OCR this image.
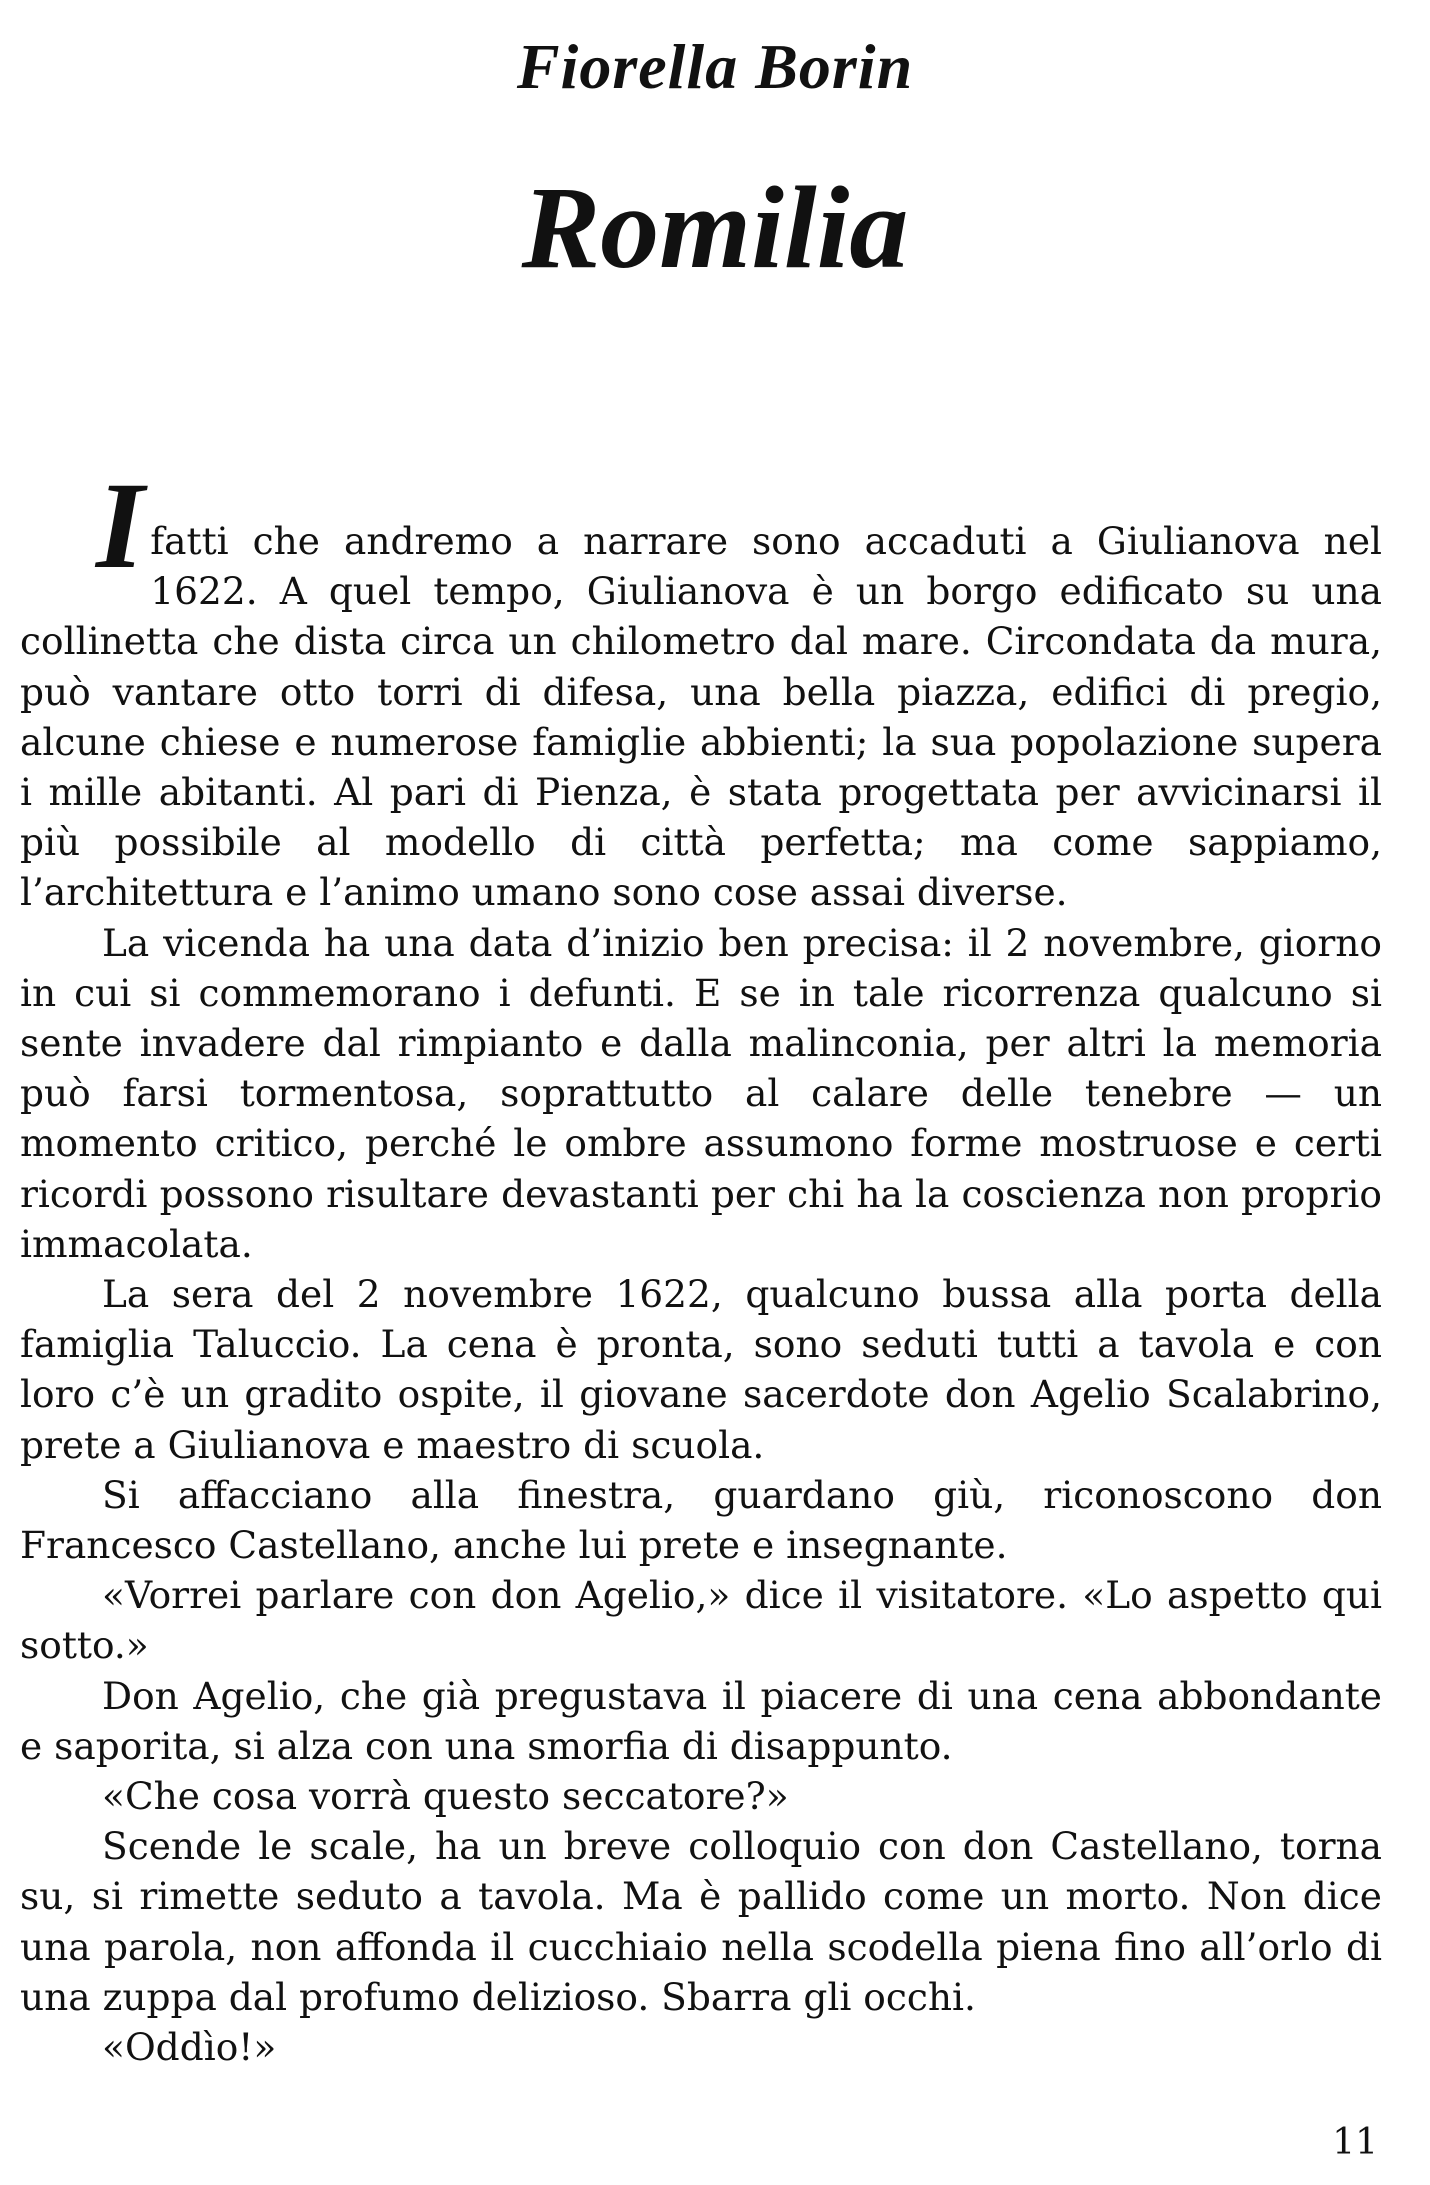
Fiorella Borin
Romilia

Ifatti che andremo a narrare sono accaduti a Giulianova nel 1622. A quel tempo, Giulianova è un borgo edificato su una collinetta che dista circa un chilometro dal mare. Circondata da mura, può vantare otto torri di difesa, una bella piazza, edifici di pregio, alcune chiese e numerose famiglie abbienti; la sua popolazione supera i mille abitanti. Al pari di Pienza, è stata progettata per avvicinarsi il più possibile al modello di città perfetta; ma come sappiamo, l’architettura e l’animo umano sono cose assai diverse.

La vicenda ha una data d’inizio ben precisa: il 2 novembre, giorno in cui si commemorano i defunti. E se in tale ricorrenza qualcuno si sente invadere dal rimpianto e dalla malinconia, per altri la memoria può farsi tormentosa, soprattutto al calare delle tenebre — un momento critico, perché le ombre assumono forme mostruose e certi ricordi possono risultare devastanti per chi ha la coscienza non proprio immacolata.

La sera del 2 novembre 1622, qualcuno bussa alla porta della famiglia Taluccio. La cena è pronta, sono seduti tutti a tavola e con loro c’è un gradito ospite, il giovane sacerdote don Agelio Scalabrino, prete a Giulianova e maestro di scuola.

Si affacciano alla finestra, guardano giù, riconoscono don Francesco Castellano, anche lui prete e insegnante.

«Vorrei parlare con don Agelio,» dice il visitatore. «Lo aspetto qui sotto.»

Don Agelio, che già pregustava il piacere di una cena abbondante e saporita, si alza con una smorfia di disappunto.

«Che cosa vorrà questo seccatore?»

Scende le scale, ha un breve colloquio con don Castellano, torna su, si rimette seduto a tavola. Ma è pallido come un morto. Non dice una parola, non affonda il cucchiaio nella scodella piena fino all’orlo di una zuppa dal profumo delizioso. Sbarra gli occhi.

«Oddìo!»

11
